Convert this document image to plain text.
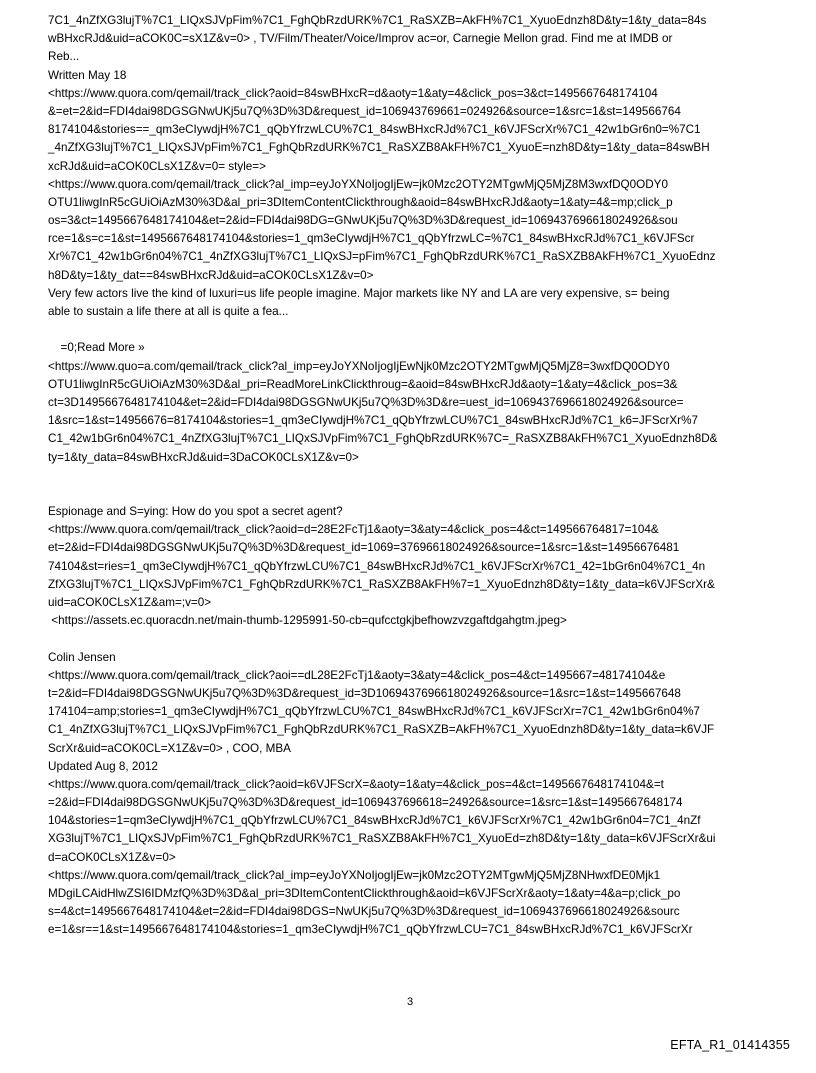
7C1_4nZfXG3lujT%7C1_LIQxSJVpFim%7C1_FghQbRzdURK%7C1_RaSXZB=AkFH%7C1_XyuoEdnzh8D&ty=1&ty_data=84s
wBHxcRJd&uid=aCOK0C=sX1Z&v=0> , TV/Film/Theater/Voice/Improv ac=or, Carnegie Mellon grad. Find me at IMDB or
Reb...
Written May 18
<https://www.quora.com/qemail/track_click?aoid=84swBHxcR=d&aoty=1&aty=4&click_pos=3&ct=1495667648174104
&=et=2&id=FDI4dai98DGSGNwUKj5u7Q%3D%3D&request_id=106943769661=024926&source=1&src=1&st=149566764
8174104&stories==_qm3eCIywdjH%7C1_qQbYfrzwLCU%7C1_84swBHxcRJd%7C1_k6VJFScrXr%7C1_42w1bGr6n0=%7C1
_4nZfXG3lujT%7C1_LIQxSJVpFim%7C1_FghQbRzdURK%7C1_RaSXZB8AkFH%7C1_XyuoE=nzh8D&ty=1&ty_data=84swBH
xcRJd&uid=aCOK0CLsX1Z&v=0= style=>
<https://www.quora.com/qemail/track_click?al_imp=eyJoYXNoIjogIjEw=jk0Mzc2OTY2MTgwMjQ5MjZ8M3wxfDQ0ODY0
OTU1liwgInR5cGUiOiAzM30%3D&al_pri=3DItemContentClickthrough&aoid=84swBHxcRJd&aoty=1&aty=4&=mp;click_p
os=3&ct=1495667648174104&et=2&id=FDI4dai98DG=GNwUKj5u7Q%3D%3D&request_id=1069437696618024926&sou
rce=1&s=c=1&st=1495667648174104&stories=1_qm3eCIywdjH%7C1_qQbYfrzwLC=%7C1_84swBHxcRJd%7C1_k6VJFScr
Xr%7C1_42w1bGr6n04%7C1_4nZfXG3lujT%7C1_LIQxSJ=pFim%7C1_FghQbRzdURK%7C1_RaSXZB8AkFH%7C1_XyuoEdnz
h8D&ty=1&ty_dat==84swBHxcRJd&uid=aCOK0CLsX1Z&v=0>
Very few actors live the kind of luxuri=us life people imagine. Major markets like NY and LA are very expensive, s= being
able to sustain a life there at all is quite a fea...
=0;Read More »
<https://www.quo=a.com/qemail/track_click?al_imp=eyJoYXNoIjogIjEwNjk0Mzc2OTY2MTgwMjQ5MjZ8=3wxfDQ0ODY0
OTU1liwgInR5cGUiOiAzM30%3D&al_pri=ReadMoreLinkClickthroug=&aoid=84swBHxcRJd&aoty=1&aty=4&click_pos=3&
ct=3D1495667648174104&et=2&id=FDI4dai98DGSGNwUKj5u7Q%3D%3D&re=uest_id=1069437696618024926&source=
1&src=1&st=14956676=8174104&stories=1_qm3eCIywdjH%7C1_qQbYfrzwLCU%7C1_84swBHxcRJd%7C1_k6=JFScrXr%7
C1_42w1bGr6n04%7C1_4nZfXG3lujT%7C1_LIQxSJVpFim%7C1_FghQbRzdURK%7C=_RaSXZB8AkFH%7C1_XyuoEdnzh8D&
ty=1&ty_data=84swBHxcRJd&uid=3DaCOK0CLsX1Z&v=0>
Espionage and S=ying: How do you spot a secret agent?
<https://www.quora.com/qemail/track_click?aoid=d=28E2FcTj1&aoty=3&aty=4&click_pos=4&ct=149566764817=104&
et=2&id=FDI4dai98DGSGNwUKj5u7Q%3D%3D&request_id=1069=37696618024926&source=1&src=1&st=14956676481
74104&st=ries=1_qm3eCIywdjH%7C1_qQbYfrzwLCU%7C1_84swBHxcRJd%7C1_k6VJFScrXr%7C1_42=1bGr6n04%7C1_4n
ZfXG3lujT%7C1_LIQxSJVpFim%7C1_FghQbRzdURK%7C1_RaSXZB8AkFH%7=1_XyuoEdnzh8D&ty=1&ty_data=k6VJFScrXr&
uid=aCOK0CLsX1Z&am=;v=0>
<https://assets.ec.quoracdn.net/main-thumb-1295991-50-cb=qufcctgkjbefhowzvzgaftdgahgtm.jpeg>
Colin Jensen
<https://www.quora.com/qemail/track_click?aoi==dL28E2FcTj1&aoty=3&aty=4&click_pos=4&ct=1495667=48174104&e
t=2&id=FDI4dai98DGSGNwUKj5u7Q%3D%3D&request_id=3D1069437696618024926&source=1&src=1&st=1495667648
174104=amp;stories=1_qm3eCIywdjH%7C1_qQbYfrzwLCU%7C1_84swBHxcRJd%7C1_k6VJFScrXr=7C1_42w1bGr6n04%7
C1_4nZfXG3lujT%7C1_LIQxSJVpFim%7C1_FghQbRzdURK%7C1_RaSXZB=AkFH%7C1_XyuoEdnzh8D&ty=1&ty_data=k6VJF
ScrXr&uid=aCOK0CL=X1Z&v=0> , COO, MBA
Updated Aug 8, 2012
<https://www.quora.com/qemail/track_click?aoid=k6VJFScrX=&aoty=1&aty=4&click_pos=4&ct=1495667648174104&=t
=2&id=FDI4dai98DGSGNwUKj5u7Q%3D%3D&request_id=1069437696618=24926&source=1&src=1&st=1495667648174
104&stories=1=qm3eCIywdjH%7C1_qQbYfrzwLCU%7C1_84swBHxcRJd%7C1_k6VJFScrXr%7C1_42w1bGr6n04=7C1_4nZf
XG3lujT%7C1_LIQxSJVpFim%7C1_FghQbRzdURK%7C1_RaSXZB8AkFH%7C1_XyuoEd=zh8D&ty=1&ty_data=k6VJFScrXr&ui
d=aCOK0CLsX1Z&v=0>
<https://www.quora.com/qemail/track_click?al_imp=eyJoYXNoIjogIjEw=jk0Mzc2OTY2MTgwMjQ5MjZ8NHwxfDE0Mjk1
MDgiLCAidHlwZSI6IDMzfQ%3D%3D&al_pri=3DItemContentClickthrough&aoid=k6VJFScrXr&aoty=1&aty=4&a=p;click_po
s=4&ct=1495667648174104&et=2&id=FDI4dai98DGS=NwUKj5u7Q%3D%3D&request_id=1069437696618024926&sourc
e=1&sr==1&st=1495667648174104&stories=1_qm3eCIywdjH%7C1_qQbYfrzwLCU=7C1_84swBHxcRJd%7C1_k6VJFScrXr
3
EFTA_R1_01414355
